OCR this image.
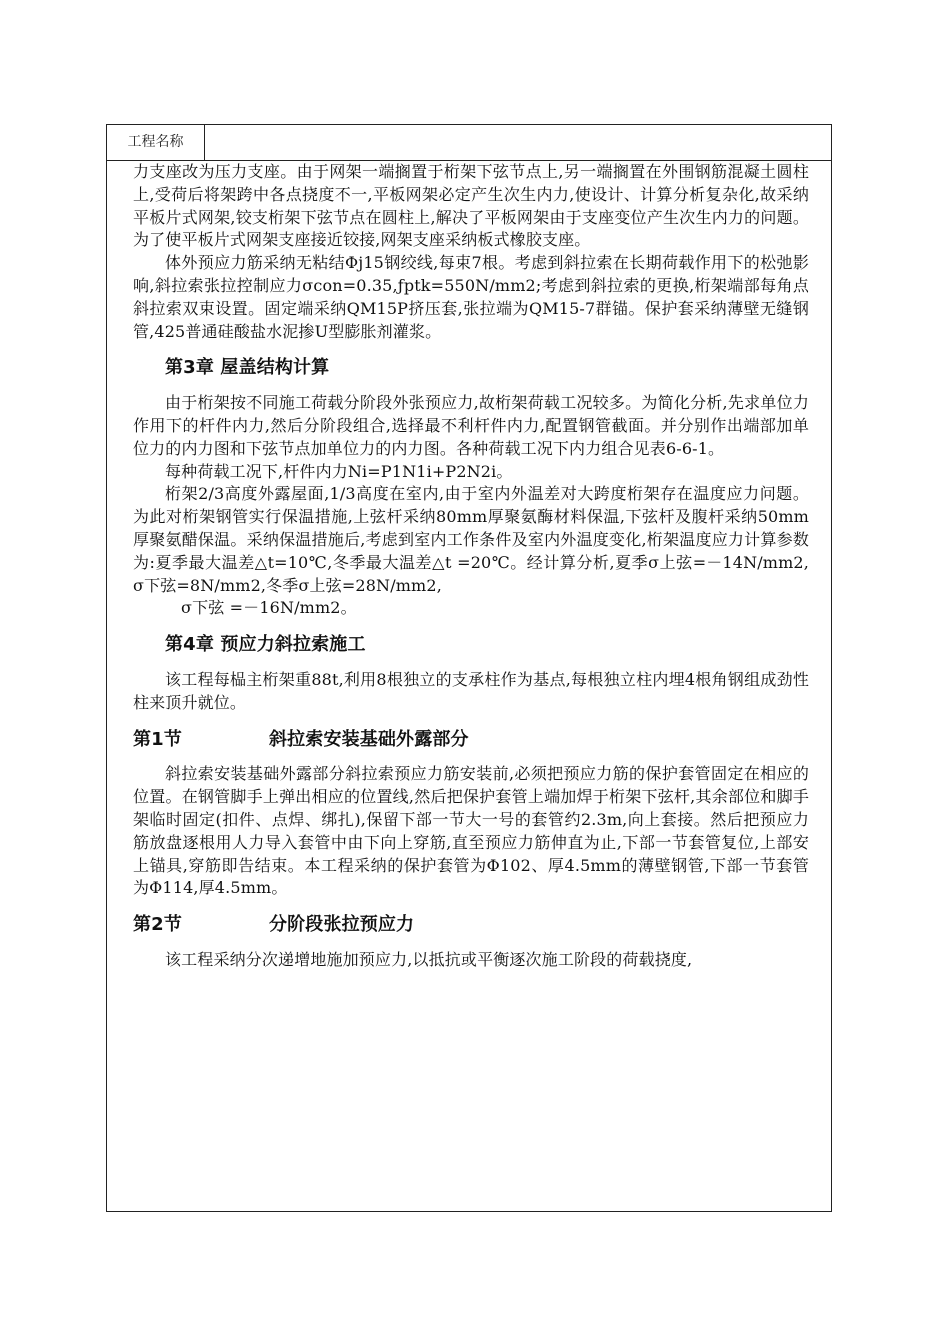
工程名称

力支座改为压力支座。由于网架一端搁置于桁架下弦节点上,另一端搁置在外围钢筋混凝土圆柱上,受荷后将架跨中各点挠度不一,平板网架必定产生次生内力,使设计、计算分析复杂化,故采纳平板片式网架,铰支桁架下弦节点在圆柱上,解决了平板网架由于支座变位产生次生内力的问题。为了使平板片式网架支座接近铰接,网架支座采纳板式橡胶支座。

体外预应力筋采纳无粘结Φj15钢绞线,每束7根。考虑到斜拉索在长期荷载作用下的松弛影响,斜拉索张拉控制应力σcon=0.35,ƒptk=550N/mm2;考虑到斜拉索的更换,桁架端部每角点斜拉索双束设置。固定端采纳QM15P挤压套,张拉端为QM15-7群锚。保护套采纳薄壁无缝钢管,425普通硅酸盐水泥掺U型膨胀剂灌浆。

第3章 屋盖结构计算

由于桁架按不同施工荷载分阶段外张预应力,故桁架荷载工况较多。为简化分析,先求单位力作用下的杆件内力,然后分阶段组合,选择最不利杆件内力,配置钢管截面。并分别作出端部加单位力的内力图和下弦节点加单位力的内力图。各种荷载工况下内力组合见表6-6-1。

每种荷载工况下,杆件内力Ni=P1N1i+P2N2i。

桁架2/3高度外露屋面,1/3高度在室内,由于室内外温差对大跨度桁架存在温度应力问题。为此对桁架钢管实行保温措施,上弦杆采纳80mm厚聚氨酶材料保温,下弦杆及腹杆采纳50mm厚聚氨醋保温。采纳保温措施后,考虑到室内工作条件及室内外温度变化,桁架温度应力计算参数为:夏季最大温差△t=10℃,冬季最大温差△t =20℃。经计算分析,夏季σ上弦=－14N/mm2, σ下弦=8N/mm2,冬季σ上弦=28N/mm2,

σ下弦 =－16N/mm2。

第4章 预应力斜拉索施工

该工程每榀主桁架重88t,利用8根独立的支承柱作为基点,每根独立柱内埋4根角钢组成劲性柱来顶升就位。

第1节	斜拉索安装基础外露部分

斜拉索安装基础外露部分斜拉索预应力筋安装前,必须把预应力筋的保护套管固定在相应的位置。在钢管脚手上弹出相应的位置线,然后把保护套管上端加焊于桁架下弦杆,其余部位和脚手架临时固定(扣件、点焊、绑扎),保留下部一节大一号的套管约2.3m,向上套接。然后把预应力筋放盘逐根用人力导入套管中由下向上穿筋,直至预应力筋伸直为止,下部一节套管复位,上部安上锚具,穿筋即告结束。本工程采纳的保护套管为Φ102、厚4.5mm的薄壁钢管,下部一节套管为Φ114,厚4.5mm。

第2节	分阶段张拉预应力

该工程采纳分次递增地施加预应力,以抵抗或平衡逐次施工阶段的荷载挠度,
